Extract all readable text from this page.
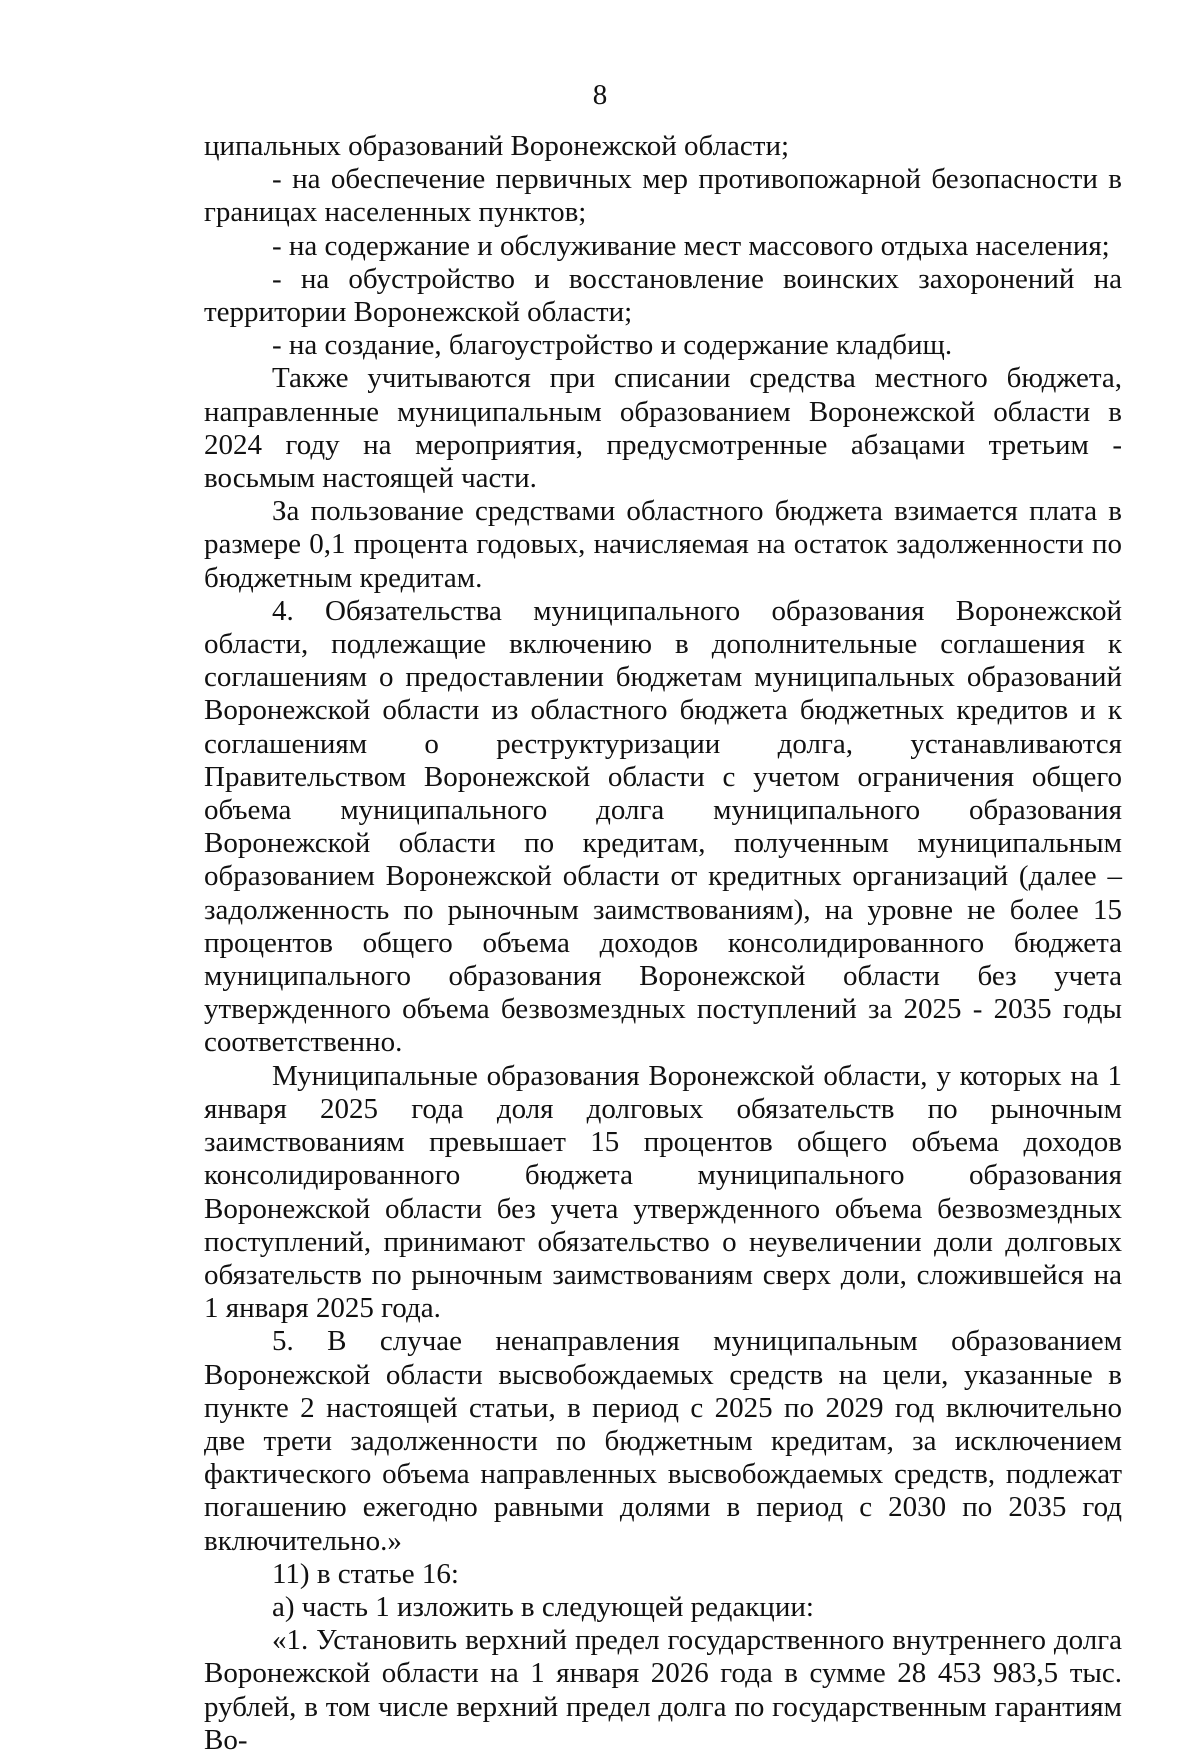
8

ципальных образований Воронежской области;

- на обеспечение первичных мер противопожарной безопасности в границах населенных пунктов;

- на содержание и обслуживание мест массового отдыха населения;

- на обустройство и восстановление воинских захоронений на территории Воронежской области;

- на создание, благоустройство и содержание кладбищ.

Также учитываются при списании средства местного бюджета, направленные муниципальным образованием Воронежской области в 2024 году на мероприятия, предусмотренные абзацами третьим - восьмым настоящей части.

За пользование средствами областного бюджета взимается плата в размере 0,1 процента годовых, начисляемая на остаток задолженности по бюджетным кредитам.

4. Обязательства муниципального образования Воронежской области, подлежащие включению в дополнительные соглашения к соглашениям о предоставлении бюджетам муниципальных образований Воронежской области из областного бюджета бюджетных кредитов и к соглашениям о реструктуризации долга, устанавливаются Правительством Воронежской области с учетом ограничения общего объема муниципального долга муниципального образования Воронежской области по кредитам, полученным муниципальным образованием Воронежской области от кредитных организаций (далее – задолженность по рыночным заимствованиям), на уровне не более 15 процентов общего объема доходов консолидированного бюджета муниципального образования Воронежской области без учета утвержденного объема безвозмездных поступлений за 2025 - 2035 годы соответственно.

Муниципальные образования Воронежской области, у которых на 1 января 2025 года доля долговых обязательств по рыночным заимствованиям превышает 15 процентов общего объема доходов консолидированного бюджета муниципального образования Воронежской области без учета утвержденного объема безвозмездных поступлений, принимают обязательство о неувеличении доли долговых обязательств по рыночным заимствованиям сверх доли, сложившейся на 1 января 2025 года.

5. В случае ненаправления муниципальным образованием Воронежской области высвобождаемых средств на цели, указанные в пункте 2 настоящей статьи, в период с 2025 по 2029 год включительно две трети задолженности по бюджетным кредитам, за исключением фактического объема направленных высвобождаемых средств, подлежат погашению ежегодно равными долями в период с 2030 по 2035 год включительно.»

11) в статье 16:

а) часть 1 изложить в следующей редакции:

«1. Установить верхний предел государственного внутреннего долга Воронежской области на 1 января 2026 года в сумме 28 453 983,5 тыс. рублей, в том числе верхний предел долга по государственным гарантиям Во-
